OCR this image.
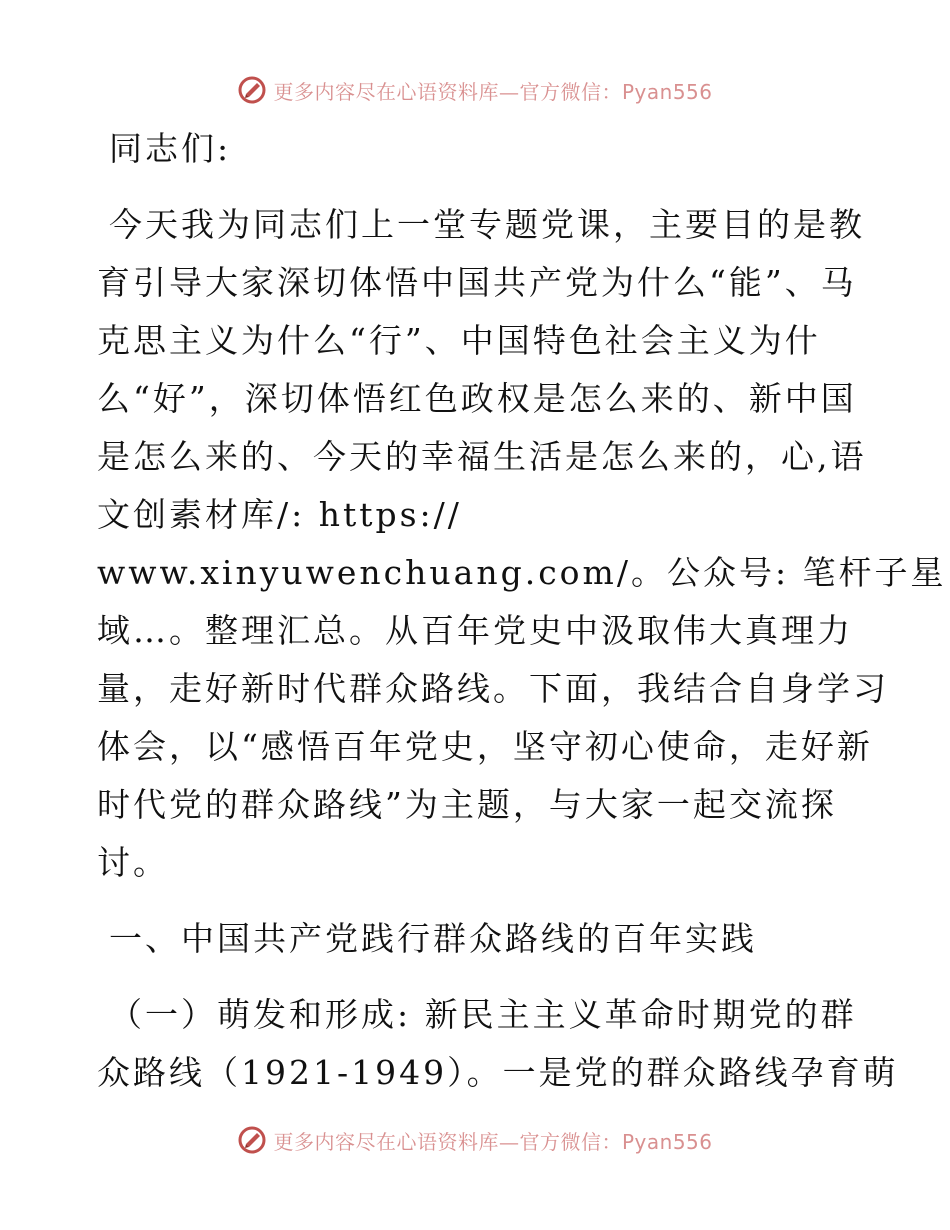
更多内容尽在心语资料库—官方微信：Pyan556
同志们:
今天我为同志们上一堂专题党课，主要目的是教
育引导大家深切体悟中国共产党为什么“能”、马
克思主义为什么“行”、中国特色社会主义为什
么“好”，深切体悟红色政权是怎么来的、新中国
是怎么来的、今天的幸福生活是怎么来的，心,语
文创素材库/: https://
www.xinyuwenchuang.com/。公众号: 笔杆子星
域…。整理汇总。从百年党史中汲取伟大真理力
量，走好新时代群众路线。下面，我结合自身学习
体会，以“感悟百年党史，坚守初心使命，走好新
时代党的群众路线”为主题，与大家一起交流探
讨。
一、中国共产党践行群众路线的百年实践
（一）萌发和形成: 新民主主义革命时期党的群
众路线（1921-1949）。一是党的群众路线孕育萌
更多内容尽在心语资料库—官方微信：Pyan556
